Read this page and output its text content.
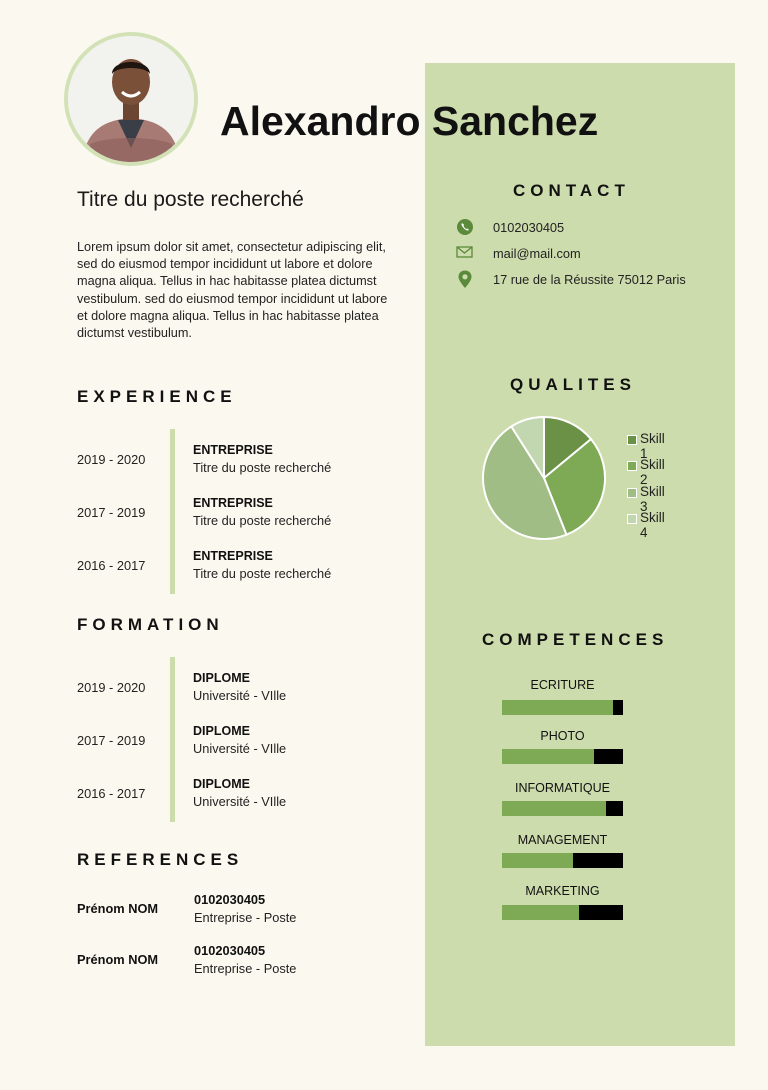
Alexandro Sanchez
Titre du poste recherché
Lorem ipsum dolor sit amet, consectetur adipiscing elit, sed do eiusmod tempor incididunt ut labore et dolore magna aliqua. Tellus in hac habitasse platea dictumst vestibulum. sed do eiusmod tempor incididunt ut labore et dolore magna aliqua. Tellus in hac habitasse platea dictumst vestibulum.
EXPERIENCE
2019 - 2020
ENTREPRISE
Titre du poste recherché
2017 - 2019
ENTREPRISE
Titre du poste recherché
2016 - 2017
ENTREPRISE
Titre du poste recherché
FORMATION
2019 - 2020
DIPLOME
Université - VIlle
2017 - 2019
DIPLOME
Université - VIlle
2016 - 2017
DIPLOME
Université - VIlle
REFERENCES
Prénom NOM
0102030405
Entreprise - Poste
Prénom NOM
0102030405
Entreprise - Poste
CONTACT
0102030405
mail@mail.com
17 rue de la Réussite 75012 Paris
QUALITES
Skill 1
Skill 2
Skill 3
Skill 4
COMPETENCES
ECRITURE
PHOTO
INFORMATIQUE
MANAGEMENT
MARKETING
